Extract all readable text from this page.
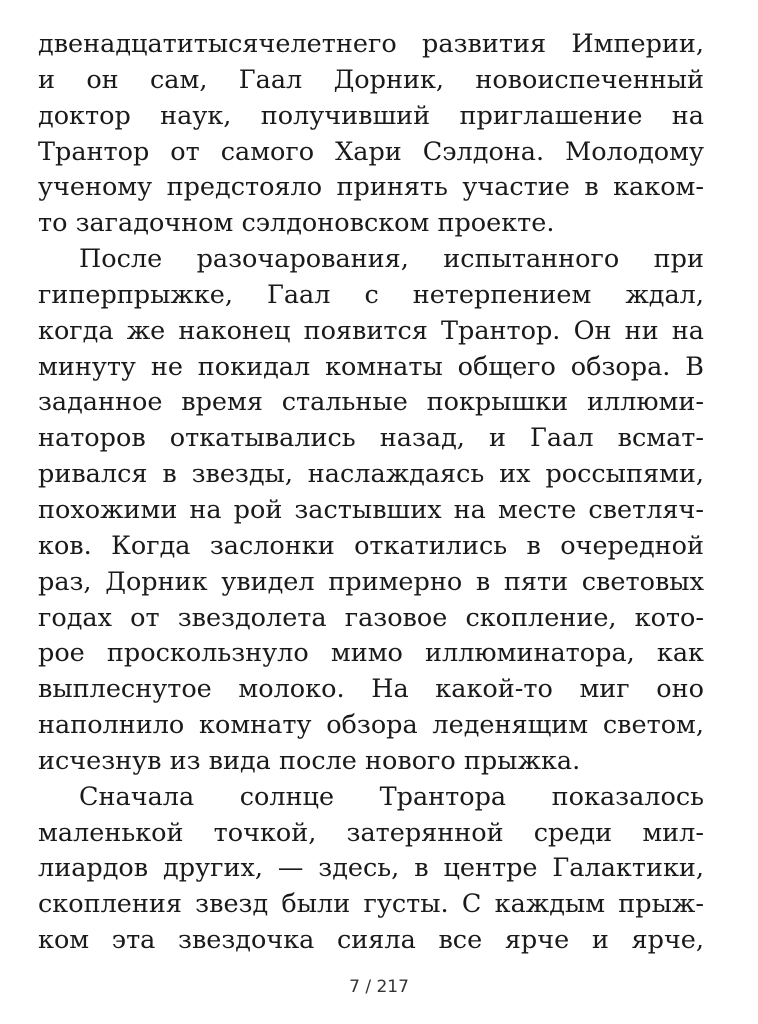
двенадцатитысячелетнего развития Империи,
и он сам, Гаал Дорник, новоиспеченный
доктор наук, получивший приглашение на
Трантор от самого Хари Сэлдона. Молодому
ученому предстояло принять участие в каком-
то загадочном сэлдоновском проекте.
После разочарования, испытанного при
гиперпрыжке, Гаал с нетерпением ждал,
когда же наконец появится Трантор. Он ни на
минуту не покидал комнаты общего обзора. В
заданное время стальные покрышки иллюми-
наторов откатывались назад, и Гаал всмат-
ривался в звезды, наслаждаясь их россыпями,
похожими на рой застывших на месте светляч-
ков. Когда заслонки откатились в очередной
раз, Дорник увидел примерно в пяти световых
годах от звездолета газовое скопление, кото-
рое проскользнуло мимо иллюминатора, как
выплеснутое молоко. На какой-то миг оно
наполнило комнату обзора леденящим светом,
исчезнув из вида после нового прыжка.
Сначала солнце Трантора показалось
маленькой точкой, затерянной среди мил-
лиардов других, — здесь, в центре Галактики,
скопления звезд были густы. С каждым прыж-
ком эта звездочка сияла все ярче и ярче,
7 / 217
